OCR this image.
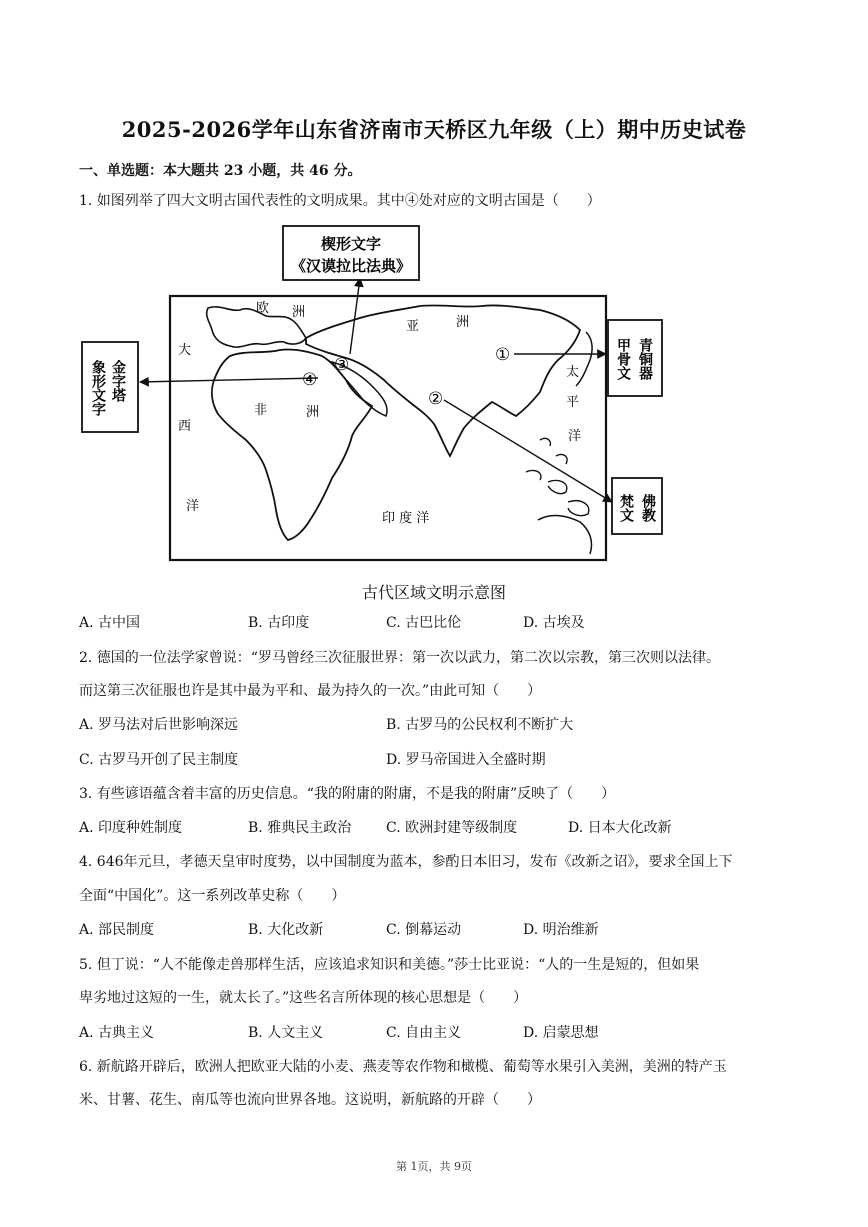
2025-2026学年山东省济南市天桥区九年级（上）期中历史试卷
一、单选题：本大题共 23 小题，共 46 分。
1. 如图列举了四大文明古国代表性的文明成果。其中④处对应的文明古国是（　　）
楔形文字
《汉谟拉比法典》
金字塔
象形文字
甲骨文 青铜器
梵文 佛教
欧 洲
亚	洲
大
西
洋
非	洲
太
平
洋
印 度 洋
①
②
③
④
古代区域文明示意图
A. 古中国	B. 古印度	C. 古巴比伦	D. 古埃及
2. 德国的一位法学家曾说：“罗马曾经三次征服世界：第一次以武力，第二次以宗教，第三次则以法律。
而这第三次征服也许是其中最为平和、最为持久的一次。”由此可知（　　）
A. 罗马法对后世影响深远	B. 古罗马的公民权利不断扩大
C. 古罗马开创了民主制度	D. 罗马帝国进入全盛时期
3. 有些谚语蕴含着丰富的历史信息。“我的附庸的附庸，不是我的附庸”反映了（　　）
A. 印度种姓制度	B. 雅典民主政治 C. 欧洲封建等级制度	D. 日本大化改新
4. 646年元旦，孝德天皇审时度势，以中国制度为蓝本，参酌日本旧习，发布《改新之诏》，要求全国上下
全面“中国化”。这一系列改革史称（　　）
A. 部民制度	B. 大化改新	C. 倒幕运动	D. 明治维新
5. 但丁说：“人不能像走兽那样生活，应该追求知识和美德。”莎士比亚说：“人的一生是短的，但如果
卑劣地过这短的一生，就太长了。”这些名言所体现的核心思想是（　　）
A. 古典主义	B. 人文主义	C. 自由主义	D. 启蒙思想
6. 新航路开辟后，欧洲人把欧亚大陆的小麦、燕麦等农作物和橄榄、葡萄等水果引入美洲，美洲的特产玉
米、甘薯、花生、南瓜等也流向世界各地。这说明，新航路的开辟（　　）
第 1页，共 9页
